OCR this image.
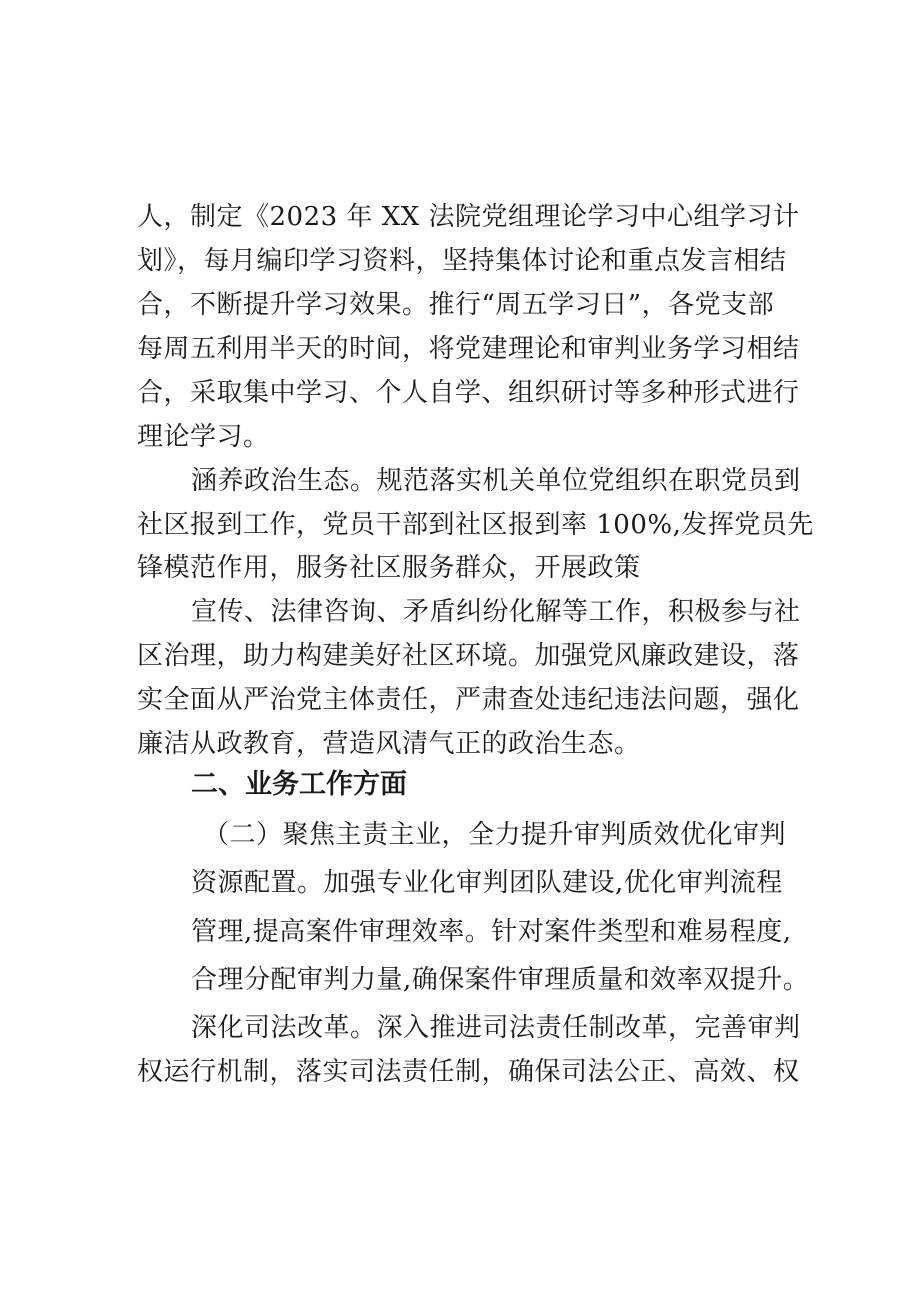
人，制定《2023 年 XX 法院党组理论学习中心组学习计
划》，每月编印学习资料，坚持集体讨论和重点发言相结
合，不断提升学习效果。推行“周五学习日”，各党支部
每周五利用半天的时间，将党建理论和审判业务学习相结
合，采取集中学习、个人自学、组织研讨等多种形式进行
理论学习。
涵养政治生态。规范落实机关单位党组织在职党员到
社区报到工作，党员干部到社区报到率 100%,发挥党员先
锋模范作用，服务社区服务群众，开展政策
宣传、法律咨询、矛盾纠纷化解等工作，积极参与社
区治理，助力构建美好社区环境。加强党风廉政建设，落
实全面从严治党主体责任，严肃查处违纪违法问题，强化
廉洁从政教育，营造风清气正的政治生态。
二、业务工作方面
（二）聚焦主责主业，全力提升审判质效优化审判
资源配置。加强专业化审判团队建设,优化审判流程
管理,提高案件审理效率。针对案件类型和难易程度,
合理分配审判力量,确保案件审理质量和效率双提升。
深化司法改革。深入推进司法责任制改革，完善审判
权运行机制，落实司法责任制，确保司法公正、高效、权
